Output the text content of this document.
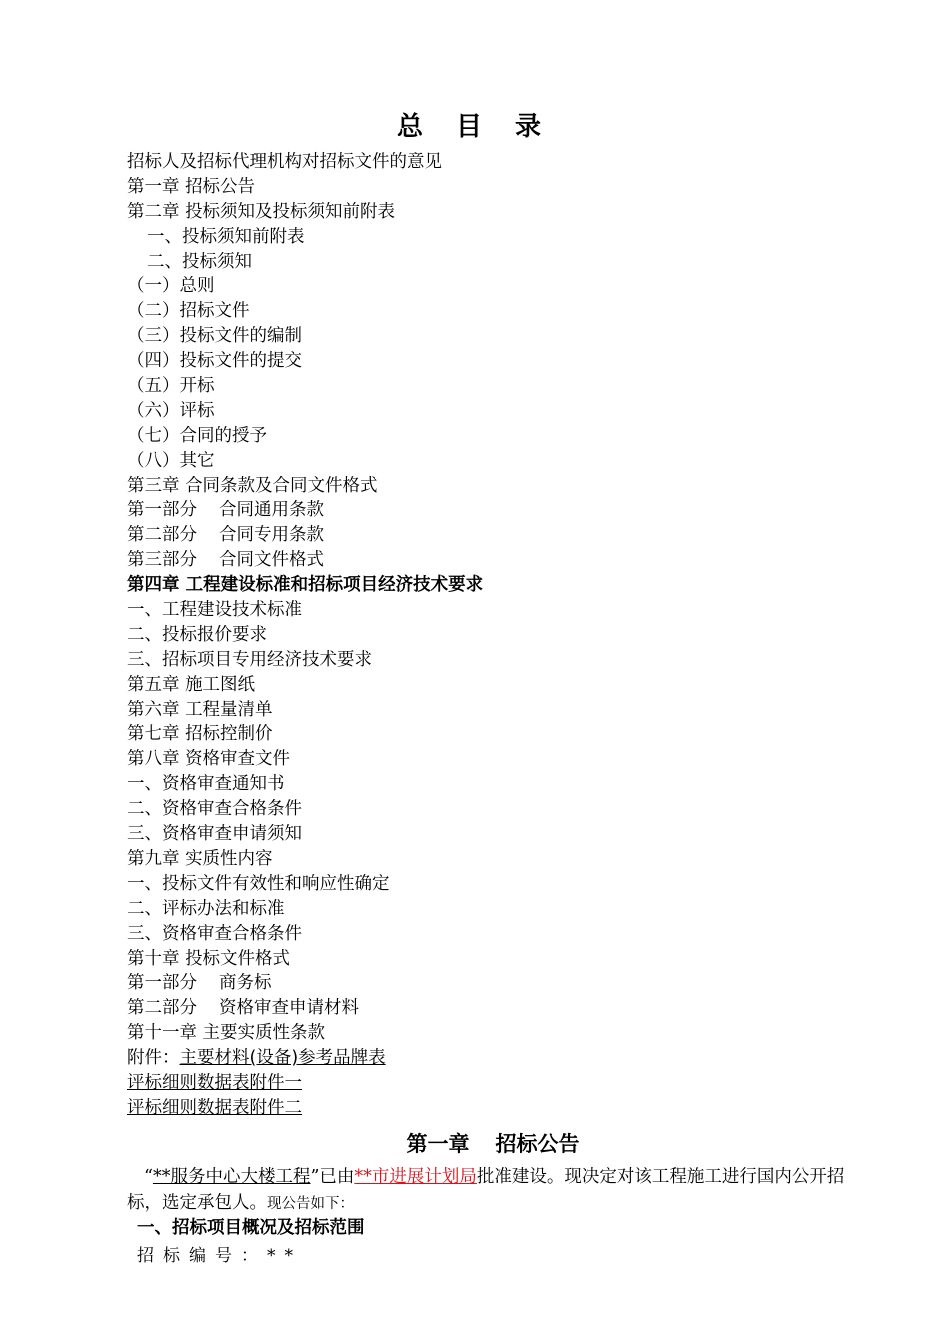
总 目 录
招标人及招标代理机构对招标文件的意见
第一章 招标公告
第二章 投标须知及投标须知前附表
一、投标须知前附表
二、投标须知
（一）总则
（二）招标文件
（三）投标文件的编制
（四）投标文件的提交
（五）开标
（六）评标
（七）合同的授予
（八）其它
第三章 合同条款及合同文件格式
第一部分 合同通用条款
第二部分 合同专用条款
第三部分 合同文件格式
第四章 工程建设标准和招标项目经济技术要求
一、工程建设技术标准
二、投标报价要求
三、招标项目专用经济技术要求
第五章 施工图纸
第六章 工程量清单
第七章 招标控制价
第八章 资格审查文件
一、资格审查通知书
二、资格审查合格条件
三、资格审查申请须知
第九章 实质性内容
一、投标文件有效性和响应性确定
二、评标办法和标准
三、资格审查合格条件
第十章 投标文件格式
第一部分 商务标
第二部分 资格审查申请材料
第十一章 主要实质性条款
附件：主要材料(设备)参考品牌表
评标细则数据表附件一
评标细则数据表附件二
第一章 招标公告
“**服务中心大楼工程”已由**市进展计划局批准建设。现决定对该工程施工进行国内公开招标，选定承包人。现公告如下：
一、招标项目概况及招标范围
招标编号：**
